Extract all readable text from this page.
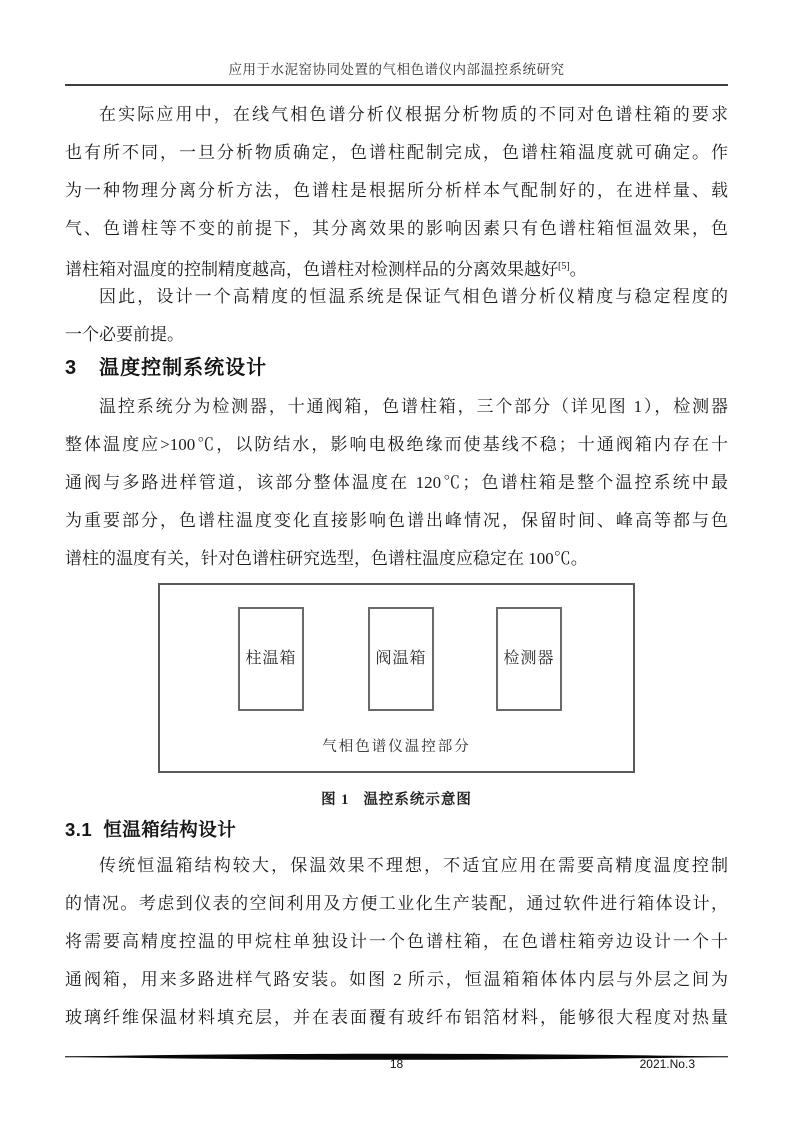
应用于水泥窑协同处置的气相色谱仪内部温控系统研究
在实际应用中，在线气相色谱分析仪根据分析物质的不同对色谱柱箱的要求
也有所不同，一旦分析物质确定，色谱柱配制完成，色谱柱箱温度就可确定。作
为一种物理分离分析方法，色谱柱是根据所分析样本气配制好的，在进样量、载
气、色谱柱等不变的前提下，其分离效果的影响因素只有色谱柱箱恒温效果，色
谱柱箱对温度的控制精度越高，色谱柱对检测样品的分离效果越好[5]。
因此，设计一个高精度的恒温系统是保证气相色谱分析仪精度与稳定程度的
一个必要前提。
3 温度控制系统设计
温控系统分为检测器，十通阀箱，色谱柱箱，三个部分（详见图 1），检测器
整体温度应>100℃，以防结水，影响电极绝缘而使基线不稳；十通阀箱内存在十
通阀与多路进样管道，该部分整体温度在 120℃；色谱柱箱是整个温控系统中最
为重要部分，色谱柱温度变化直接影响色谱出峰情况，保留时间、峰高等都与色
谱柱的温度有关，针对色谱柱研究选型，色谱柱温度应稳定在 100℃。
柱温箱	阀温箱	检测器
气相色谱仪温控部分
图 1 温控系统示意图
3.1 恒温箱结构设计
传统恒温箱结构较大，保温效果不理想，不适宜应用在需要高精度温度控制
的情况。考虑到仪表的空间利用及方便工业化生产装配，通过软件进行箱体设计，
将需要高精度控温的甲烷柱单独设计一个色谱柱箱，在色谱柱箱旁边设计一个十
通阀箱，用来多路进样气路安装。如图 2 所示，恒温箱箱体体内层与外层之间为
玻璃纤维保温材料填充层，并在表面覆有玻纤布铝箔材料，能够很大程度对热量
18	2021.No.3
